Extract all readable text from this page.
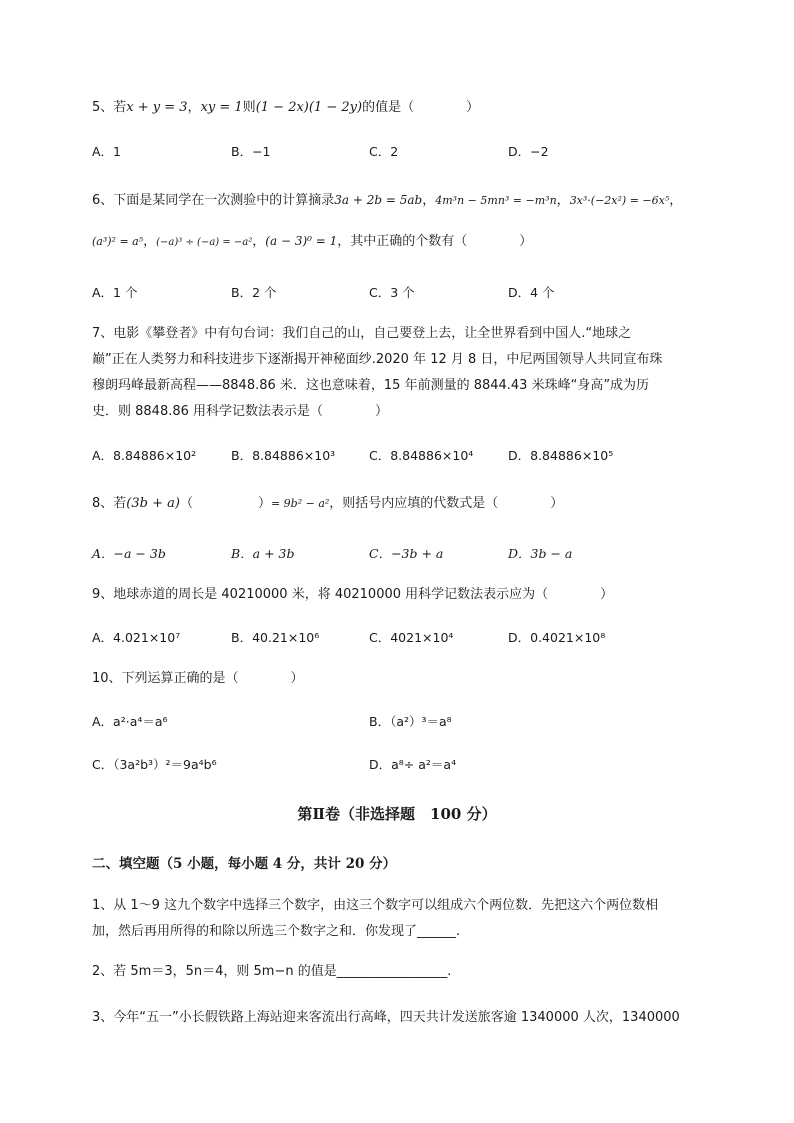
5、若x + y = 3，xy = 1则(1 − 2x)(1 − 2y)的值是（　　　　）
A．1	B．−1	C．2	D．−2
6、下面是某同学在一次测验中的计算摘录3a + 2b = 5ab，4m³n − 5mn³ = −m³n，3x³·(−2x²) = −6x⁵，
(a³)² = a⁵，(−a)³ ÷ (−a) = −a²，(a − 3)⁰ = 1，其中正确的个数有（　　　　）
A．1 个	B．2 个	C．3 个	D．4 个
7、电影《攀登者》中有句台词：我们自己的山，自己要登上去，让全世界看到中国人.“地球之
巅”正在人类努力和科技进步下逐渐揭开神秘面纱.2020 年 12 月 8 日，中尼两国领导人共同宣布珠
穆朗玛峰最新高程——8848.86 米．这也意味着，15 年前测量的 8844.43 米珠峰“身高”成为历
史．则 8848.86 用科学记数法表示是（　　　　）
A．8.84886×10²	B．8.84886×10³	C．8.84886×10⁴	D．8.84886×10⁵
8、若(3b + a)（　　　　　）= 9b² − a²，则括号内应填的代数式是（　　　　）
A．−a − 3b	B．a + 3b	C．−3b + a	D．3b − a
9、地球赤道的周长是 40210000 米，将 40210000 用科学记数法表示应为（　　　　）
A．4.021×10⁷	B．40.21×10⁶	C．4021×10⁴	D．0.4021×10⁸
10、下列运算正确的是（　　　　）
A．a²·a⁴＝a⁶	B．（a²）³＝a⁸
C．（3a²b³）²＝9a⁴b⁶	D．a⁸÷ a²＝a⁴
第Ⅱ卷（非选择题　100 分）
二、填空题（5 小题，每小题 4 分，共计 20 分）
1、从 1～9 这九个数字中选择三个数字，由这三个数字可以组成六个两位数．先把这六个两位数相
加，然后再用所得的和除以所选三个数字之和．你发现了______.
2、若 5m＝3，5n＝4，则 5m−n 的值是_________________.
3、今年“五一”小长假铁路上海站迎来客流出行高峰，四天共计发送旅客逾 1340000 人次，1340000
